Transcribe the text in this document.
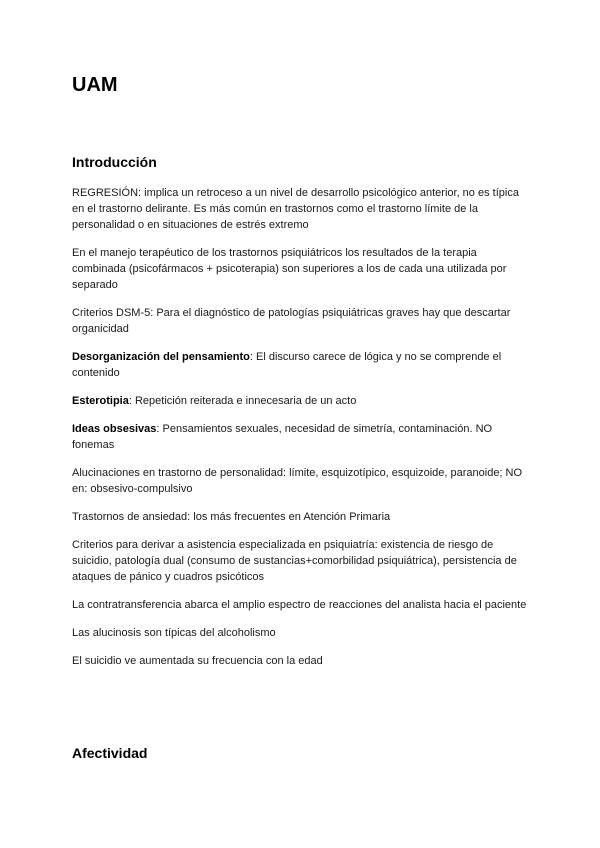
UAM
Introducción

REGRESIÓN: implica un retroceso a un nivel de desarrollo psicológico anterior, no es típica en el trastorno delirante. Es más común en trastornos como el trastorno límite de la personalidad o en situaciones de estrés extremo

En el manejo terapéutico de los trastornos psiquiátricos los resultados de la terapia combinada (psicofármacos + psicoterapia) son superiores a los de cada una utilizada por separado

Criterios DSM-5: Para el diagnóstico de patologías psiquiátricas graves hay que descartar organicidad

Desorganización del pensamiento: El discurso carece de lógica y no se comprende el contenido

Esterotipia: Repetición reiterada e innecesaria de un acto

Ideas obsesivas: Pensamientos sexuales, necesidad de simetría, contaminación. NO fonemas

Alucinaciones en trastorno de personalidad: límite, esquizotípico, esquizoide, paranoide; NO en: obsesivo-compulsivo

Trastornos de ansiedad: los más frecuentes en Atención Primaria

Criterios para derivar a asistencia especializada en psiquiatría: existencia de riesgo de suicidio, patología dual (consumo de sustancias+comorbilidad psiquiátrica), persistencia de ataques de pánico y cuadros psicóticos

La contratransferencia abarca el amplio espectro de reacciones del analista hacia el paciente

Las alucinosis son típicas del alcoholismo

El suicidio ve aumentada su frecuencia con la edad

Afectividad
